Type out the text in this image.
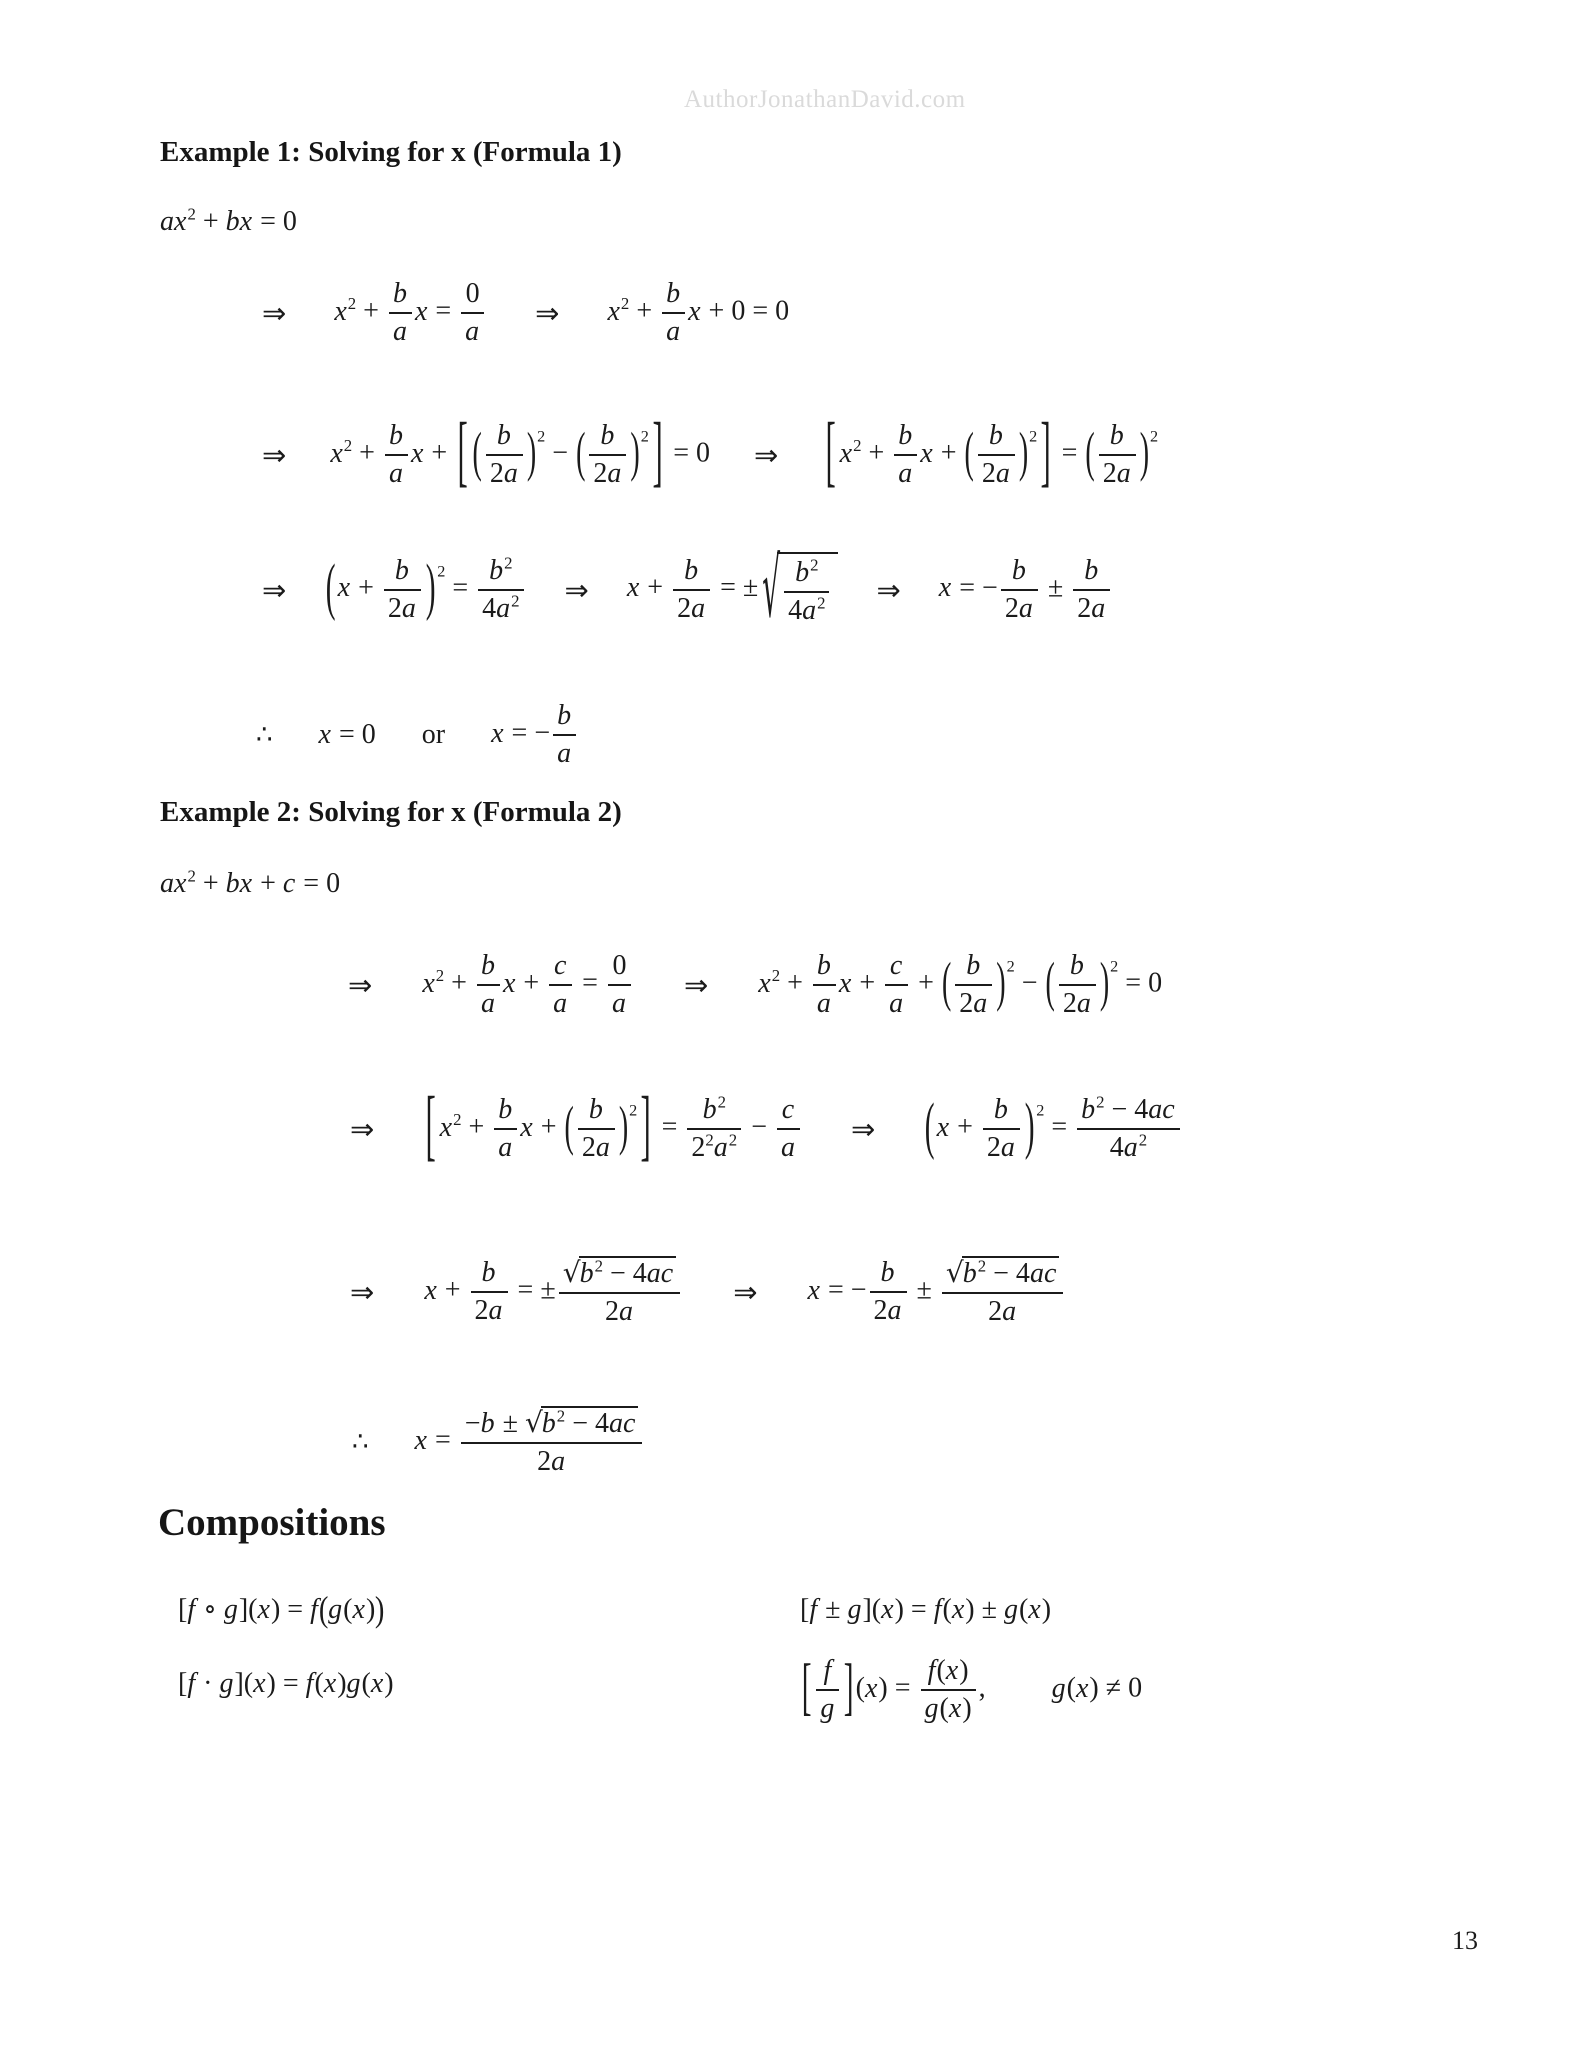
AuthorJonathanDavid.com
Example 1: Solving for x (Formula 1)
$ax^2$ + bx = 0
⇒ $x^2 + \frac{b}{a}$ $x = \frac{0}{a}$ ⇒ $x^2 + \frac{b}{a}$ x + 0 = 0
⇒ $x^2 + \frac{b}{a}$ x + [ ( $\frac{b}{2a} )^2$ − ( $\frac{b}{2a} )^2$ ] = 0 ⇒ [ $x^2 + \frac{b}{a}$ x + ( $\frac{b}{2a} )^2$ ] = ( $\frac{b}{2a} )^2$
⇒ ($x + \frac{b}{2a}$ ) $^2 = \frac{b^2}{4a^2}$ ⇒ $x + \frac{b}{2a}$ = ± √ $\frac{b^2}{4a^2}$ ⇒ x = − $\frac{b}{2a} \pm \frac{b}{2a}$
∴ x = 0 or x = − $\frac{b}{a}$
Example 2: Solving for x (Formula 2)
$ax^2$ + bx + c = 0
⇒ $x^2 + \frac{b}{a}$ $x + \frac{c}{a} = \frac{0}{a}$ ⇒ $x^2 + \frac{b}{a}$ $x + \frac{c}{a}$ + ( $\frac{b}{2a} )^2$ − ( $\frac{b}{2a} )^2 = 0$
⇒ [ $x^2 + \frac{b}{a}$ x + ( $\frac{b}{2a} )^2$ ] = $\frac{b^2}{2^2a^2} - \frac{c}{a}$ ⇒ ($x + \frac{b}{2a}$ ) $^2 = \frac{b^2 - 4ac}{4a^2}$
⇒ $x + \frac{b}{2a}$ = ± $\frac{√b^2 - 4ac}{2a}$ ⇒ x = − $\frac{b}{2a} \pm \frac{√b^2 - 4ac}{2a}$
∴ $x = \frac{-b \pm √b^2 - 4ac}{2a}$
Compositions
[f ∘ g](x) = f(g(x))
[f · g](x) = f(x)g(x)
[f ± g](x) = f(x) ± g(x)
[ $\frac{f}{g} ](x) = \frac{f(x)}{g(x)}$ , g(x) ≠ 0
13
